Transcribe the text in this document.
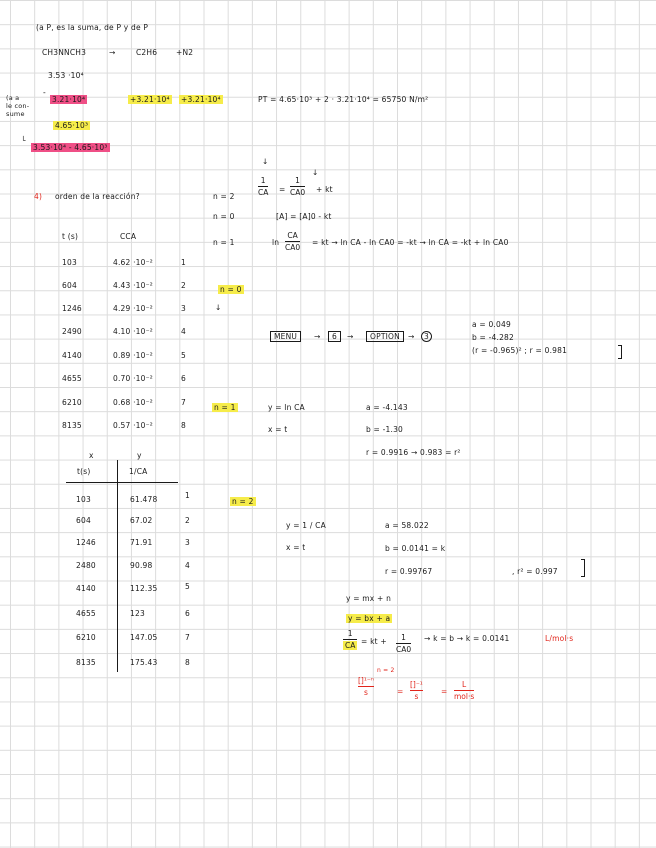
(a P, es la suma, de P y de P
CH3NNCH3	→	C2H6	+N2
3.53 ·10⁴
(a a
le con-
sume
-
3.21·10⁴	+3.21·10⁴ +3.21·10⁴	PT = 4.65·10³ + 2 · 3.21·10⁴ = 65750 N/m²
4.65·10³
└
3.53·10⁴ - 4.65·10³
4) orden de la reacción?
↓
↓
n = 2
1
CA =
1
CA0 + kt
n = 0	[A] = [A]0 - kt
n = 1	ln
CA
CA0
= kt → ln CA - ln CA0 = -kt → ln CA = -kt + ln CA0
t (s)	CCA
103	4.62 ·10⁻²	1
604	4.43 ·10⁻²	2
1246	4.29 ·10⁻²	3
2490	4.10 ·10⁻²	4
4140	0.89 ·10⁻²	5
4655	0.70 ·10⁻²	6
6210	0.68 ·10⁻²	7
8135	0.57 ·10⁻²	8
n = 0
↓
MENU	→	6	→	OPTION	→	3
a = 0.049
b = -4.282
(r = -0.965)² ; r = 0.981
n = 1	y = ln CA
x = t
a = -4.143
b = -1.30
r = 0.9916 → 0.983 = r²
x	y
t(s)	1/CA
103	61.478	1
604	67.02	2
1246	71.91	3
2480	90.98	4
4140	112.35	5
4655	123	6
6210	147.05	7
8135	175.43	8
n = 2
y = 1 / CA
x = t
a = 58.022
b = 0.0141 = k
r = 0.99767	, r² = 0.997
y = mx + n
y = bx + a
1
CA = kt +	1
CA0
→ k = b → k = 0.0141	L/mol·s
n = 2
[]¹⁻ⁿ
s	=
[]⁻¹
s
=
L
mol·s
